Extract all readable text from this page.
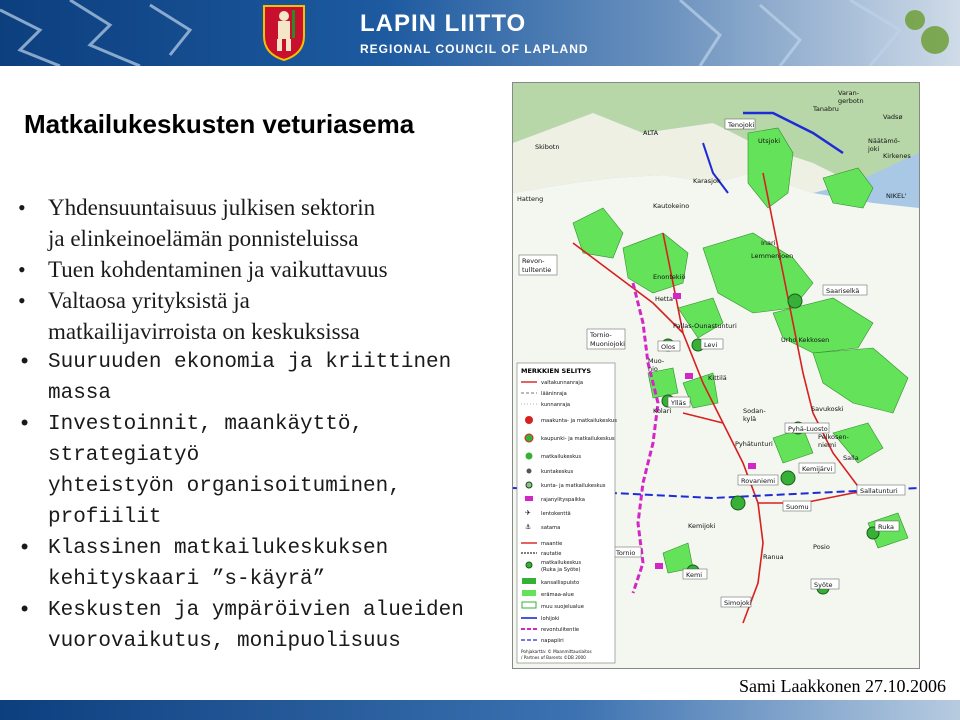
LAPIN LIITTO
REGIONAL COUNCIL OF LAPLAND
Matkailukeskusten veturiasema
• Yhdensuuntaisuus julkisen sektorin
ja elinkeinoelämän ponnisteluissa
• Tuen kohdentaminen ja vaikuttavuus
• Valtaosa yrityksistä ja
matkailijavirroista on keskuksissa
• Suuruuden ekonomia ja kriittinen
massa
• Investoinnit, maankäyttö, strategiatyö
yhteistyön organisoituminen, profiilit
• Klassinen matkailukeskuksen
kehityskaari ”s-käyrä”
• Keskusten ja ympäröivien alueiden
vuorovaikutus, monipuolisuus
Tenojoki
Utsjoki
Tanabru
Varan-
gerbotn
Vadsø
Näätämö-
joki
Kirkenes
NIKEL'
Karasjok
Hatteng
Skibotn
ALTA
Kautokeino
Revon-
tulltentie
Enontekiö
Inari
Lemmenjoen
Saariselkä
Hetta
Tornio-
Muoniojoki
Pallas-Ounastunturi
Olos	Levi
Muo-
nio
Kittilä
Urho Kekkosen
Ylläs
Kolari	Savukoski
Pyhä-Luosto
Pelkosen-
niemi
Sodan-
kylä
Pyhätunturi
Kemijärvi
Salla
Rovaniemi
Sallatunturi
Suomu
Ruka
Tornio
Kemi
Kemijoki
Simojoki
Posio
Syöte
Ranua
MERKKIEN SELITYS
valtakunnanraja
lääninraja
kunnanraja
maakunta- ja matkailukeskus
kaupunki- ja matkailukeskus
matkailukeskus
kuntakeskus
kunta- ja matkailukeskus
rajanylityspaikka
✈ lentokenttä
⚓ satama
maantie
rautatie
matkailukeskus
(Ruka ja Syöte)
kansallispuisto
erämaa-alue
muu suojelualue
lohijoki
revontulitentie
napapiiri
Pohjakartta: © Maanmittauslaitos
/ Partnes of Barents ©DB 2000
Sami Laakkonen 27.10.2006
